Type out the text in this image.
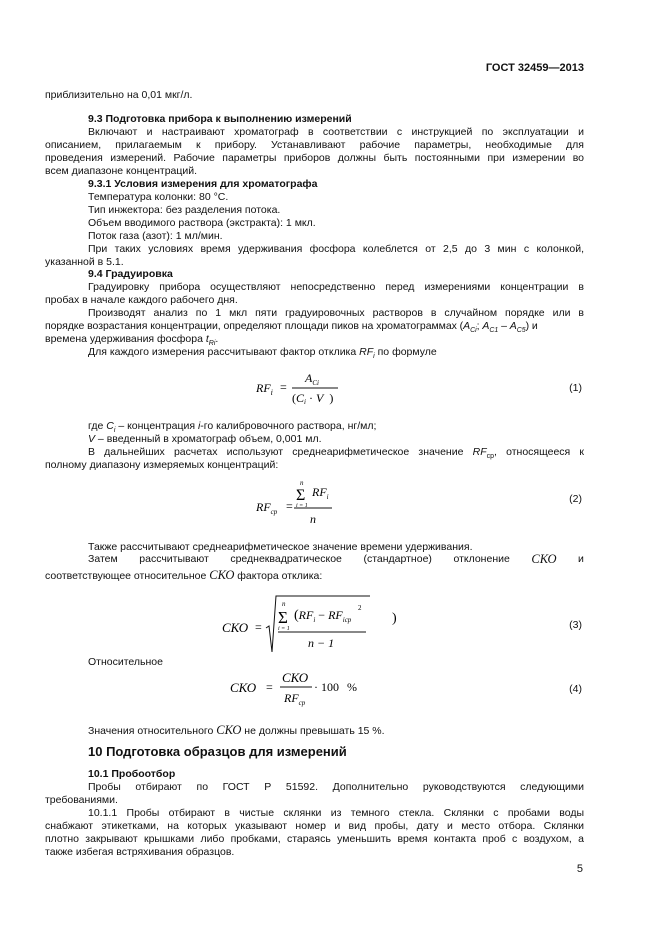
ГОСТ 32459—2013

приблизительно на 0,01 мкг/л.

9.3 Подготовка прибора к выполнению измерений

Включают и настраивают хроматограф в соответствии с инструкцией по эксплуатации и

описанием, прилагаемым к прибору. Устанавливают рабочие параметры, необходимые для

проведения измерений. Рабочие параметры приборов должны быть постоянными при измерении во

всем диапазоне концентраций.

9.3.1 Условия измерения для хроматографа

Температура колонки: 80 °С.

Тип инжектора: без разделения потока.

Объем вводимого раствора (экстракта): 1 мкл.

Поток газа (азот): 1 мл/мин.

При таких условиях время удерживания фосфора колеблется от 2,5 до 3 мин с колонкой,

указанной в 5.1.

9.4 Градуировка

Градуировку прибора осуществляют непосредственно перед измерениями концентрации в

пробах в начале каждого рабочего дня.

Производят анализ по 1 мкл пяти градуировочных растворов в случайном порядке или в

порядке возрастания концентрации, определяют площади пиков на хроматограммах ($A_{Ci}$; $A_{C1} - A_{C5}$) и

времена удерживания фосфора $t_{Ri}$.

Для каждого измерения рассчитывают фактор отклика $RF_i$ по формуле

$RF_i$ =
$A_{Ci}$
(Ci · V )
(1)

где $C_i$ – концентрация i-го калибровочного раствора, нг/мл;

V – введенный в хроматограф объем, 0,001 мл.

В дальнейших расчетах используют среднеарифметическое значение $RF_{ср}$, относящееся к

полному диапазону измеряемых концентраций:

$RF_{ср}$ =
n
Σ
i = 1
$RF_i$
n
(2)

Также рассчитывают среднеарифметическое значение времени удерживания.

Затем рассчитывают среднеквадратическое (стандартное) отклонение СКО и

соответствующее относительное СКО фактора отклика:

СКО =
n
Σ
i = 1
($RF_i - RF_{iср}$
2
n − 1
)	(3)

Относительное

СКО =
СКО
$RF_{ср}$
· 100 %	(4)

Значения относительного СКО не должны превышать 15 %.

10 Подготовка образцов для измерений

10.1 Пробоотбор

Пробы отбирают по ГОСТ Р 51592. Дополнительно руководствуются следующими

требованиями.

10.1.1 Пробы отбирают в чистые склянки из темного стекла. Склянки с пробами воды

снабжают этикетками, на которых указывают номер и вид пробы, дату и место отбора. Склянки

плотно закрывают крышками либо пробками, стараясь уменьшить время контакта проб с воздухом, а

также избегая встряхивания образцов.

5
